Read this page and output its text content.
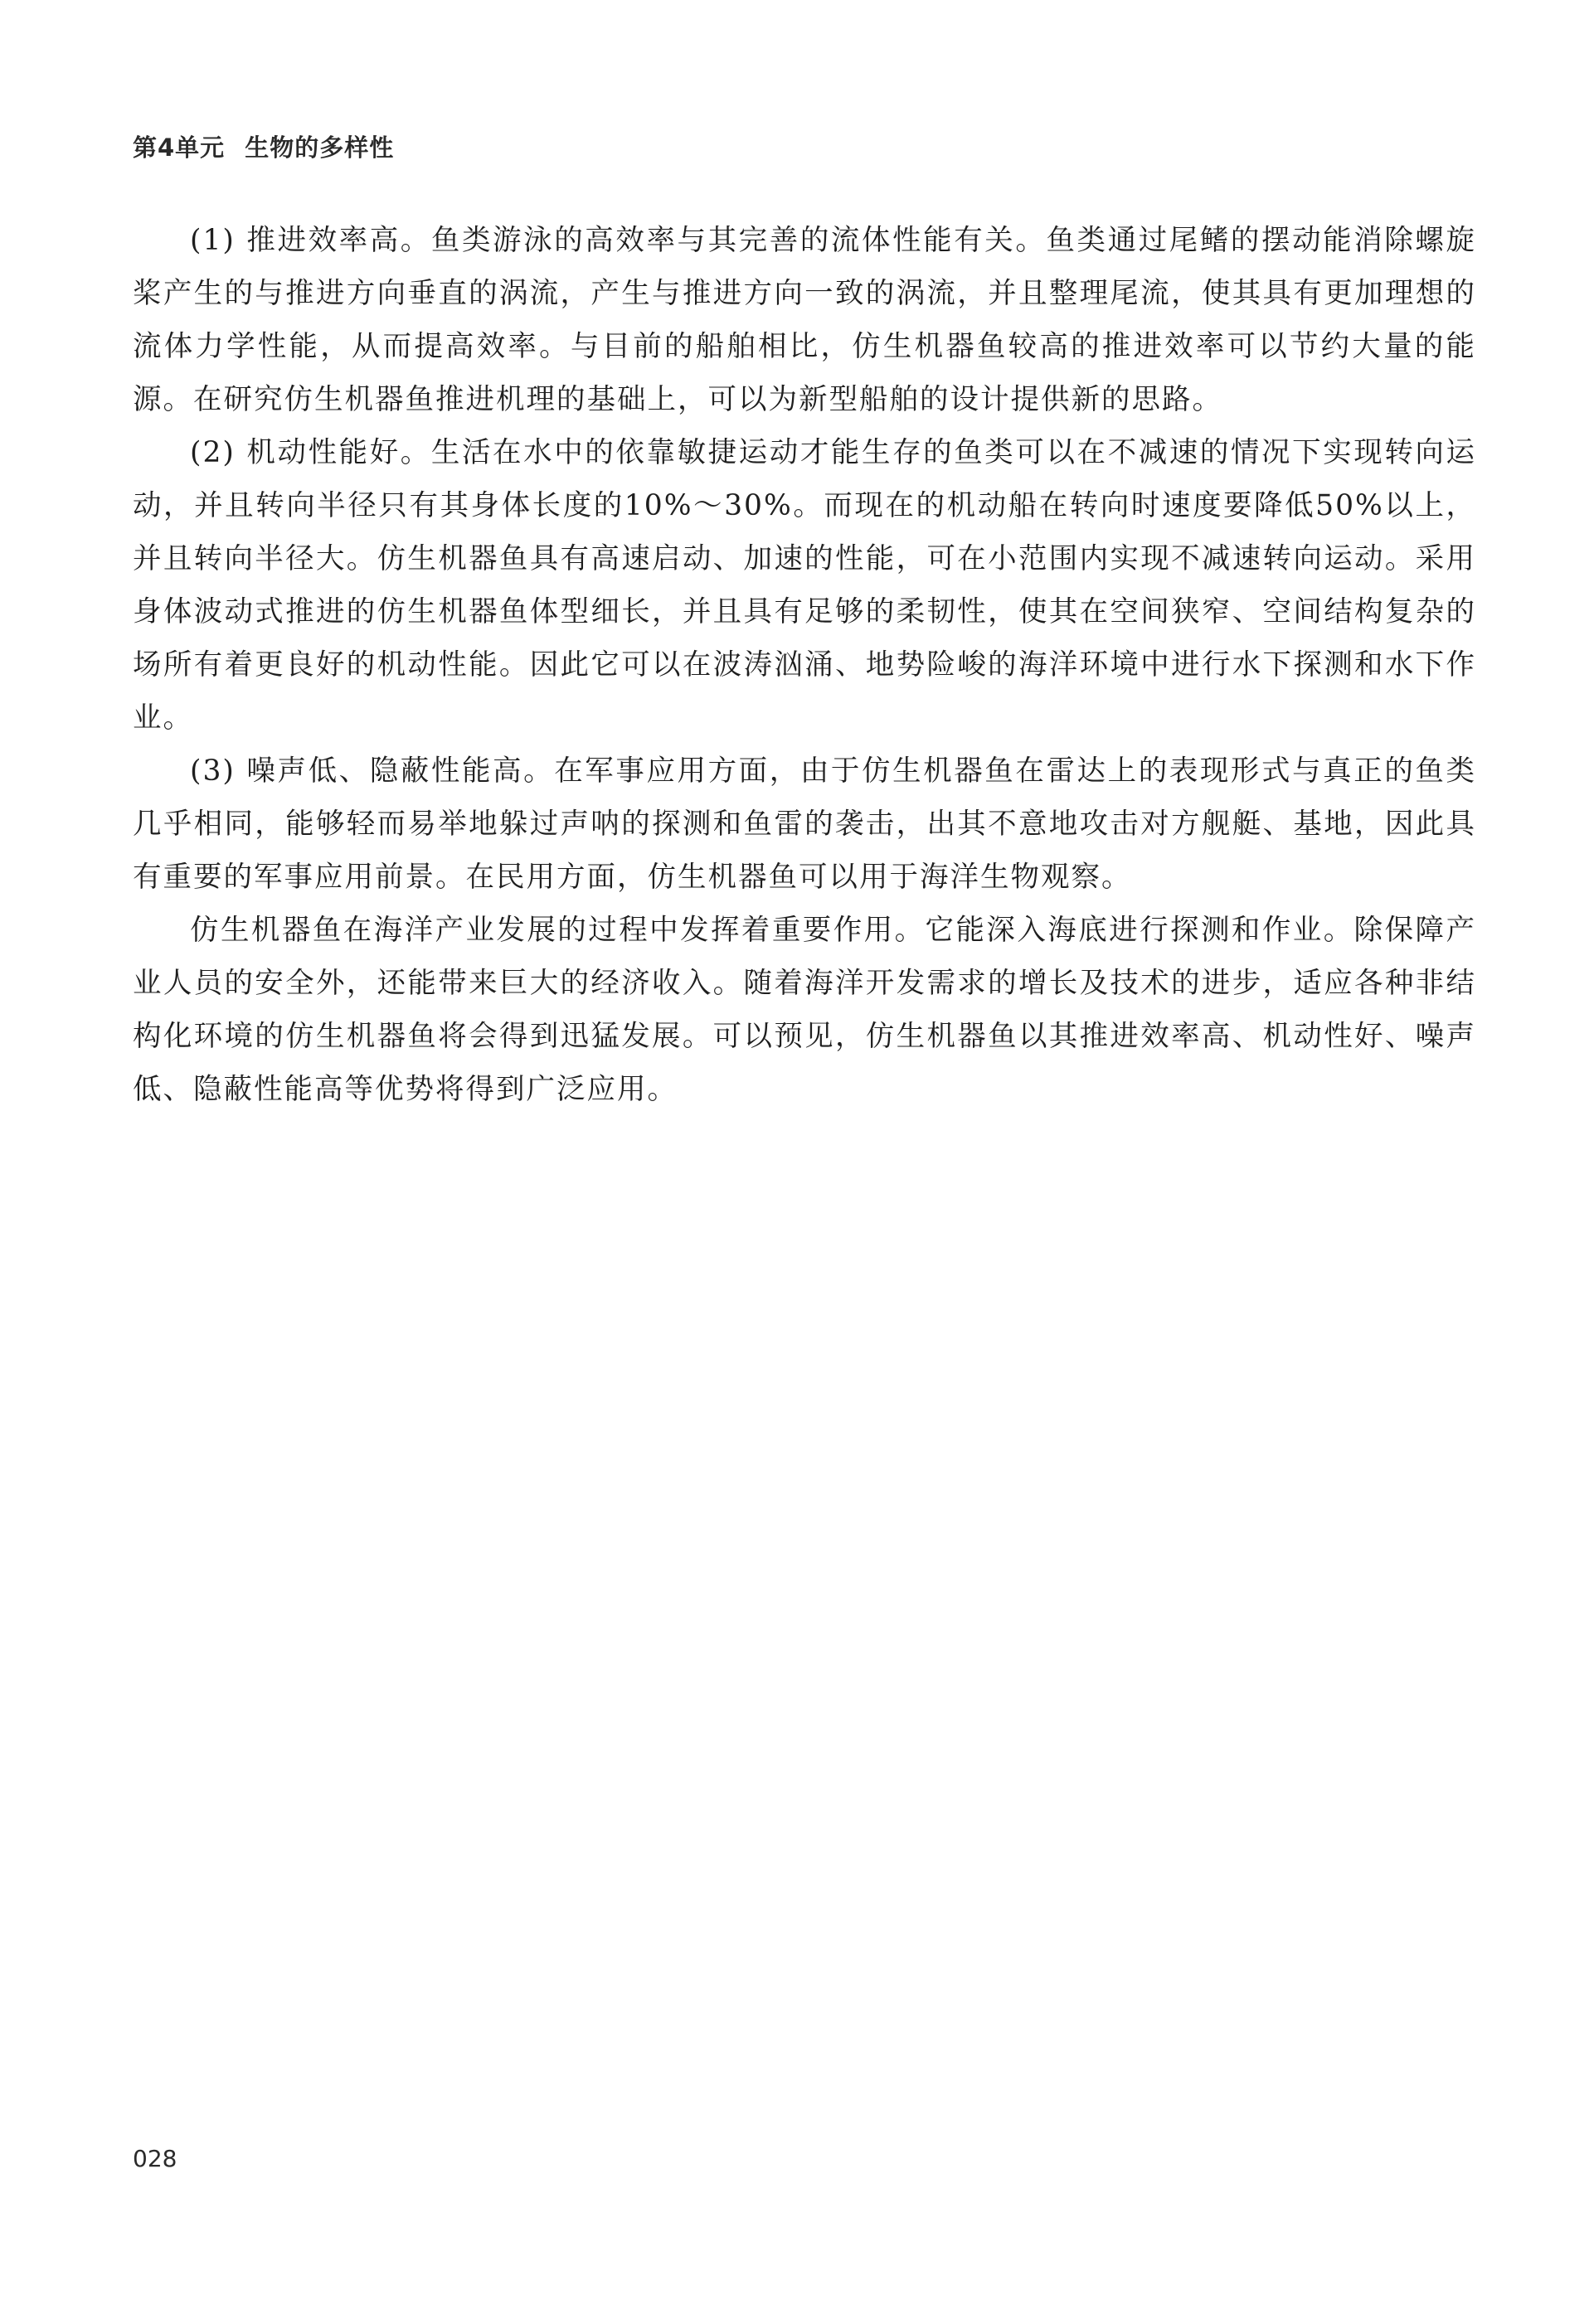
第4单元 生物的多样性

(1) 推进效率高。鱼类游泳的高效率与其完善的流体性能有关。鱼类通过尾鳍的摆动能消除螺旋桨产生的与推进方向垂直的涡流，产生与推进方向一致的涡流，并且整理尾流，使其具有更加理想的流体力学性能，从而提高效率。与目前的船舶相比，仿生机器鱼较高的推进效率可以节约大量的能源。在研究仿生机器鱼推进机理的基础上，可以为新型船舶的设计提供新的思路。

(2) 机动性能好。生活在水中的依靠敏捷运动才能生存的鱼类可以在不减速的情况下实现转向运动，并且转向半径只有其身体长度的10%～30%。而现在的机动船在转向时速度要降低50%以上，并且转向半径大。仿生机器鱼具有高速启动、加速的性能，可在小范围内实现不减速转向运动。采用身体波动式推进的仿生机器鱼体型细长，并且具有足够的柔韧性，使其在空间狭窄、空间结构复杂的场所有着更良好的机动性能。因此它可以在波涛汹涌、地势险峻的海洋环境中进行水下探测和水下作业。

(3) 噪声低、隐蔽性能高。在军事应用方面，由于仿生机器鱼在雷达上的表现形式与真正的鱼类几乎相同，能够轻而易举地躲过声呐的探测和鱼雷的袭击，出其不意地攻击对方舰艇、基地，因此具有重要的军事应用前景。在民用方面，仿生机器鱼可以用于海洋生物观察。

仿生机器鱼在海洋产业发展的过程中发挥着重要作用。它能深入海底进行探测和作业。除保障产业人员的安全外，还能带来巨大的经济收入。随着海洋开发需求的增长及技术的进步，适应各种非结构化环境的仿生机器鱼将会得到迅猛发展。可以预见，仿生机器鱼以其推进效率高、机动性好、噪声低、隐蔽性能高等优势将得到广泛应用。

028
